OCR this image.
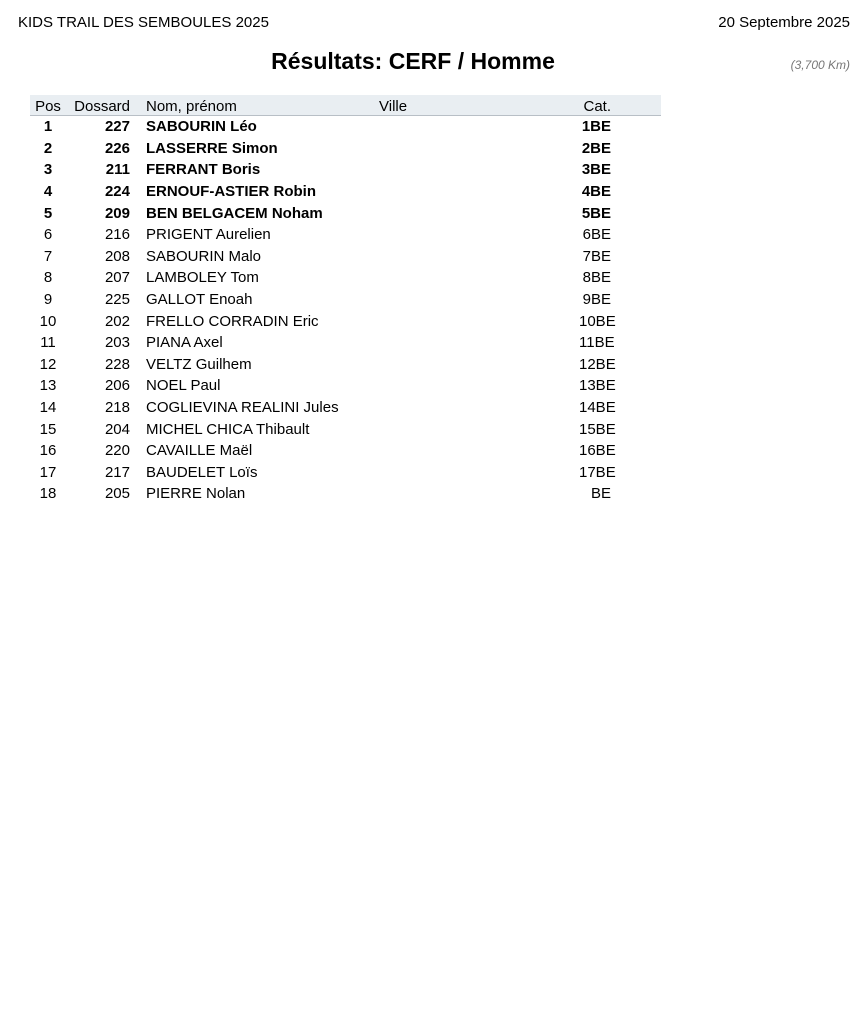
KIDS TRAIL DES SEMBOULES 2025	20 Septembre 2025
Résultats: CERF / Homme	(3,700 Km)
Pos	Dossard		Nom, prénom	Ville	Cat.	
1	227		SABOURIN Léo		1BE	
2	226		LASSERRE Simon		2BE	
3	211		FERRANT Boris		3BE	
4	224		ERNOUF-ASTIER Robin		4BE	
5	209		BEN BELGACEM Noham		5BE	
6	216		PRIGENT Aurelien		6BE	
7	208		SABOURIN Malo		7BE	
8	207		LAMBOLEY Tom		8BE	
9	225		GALLOT Enoah		9BE	
10	202		FRELLO CORRADIN Eric		10BE	
11	203		PIANA Axel		11BE	
12	228		VELTZ Guilhem		12BE	
13	206		NOEL Paul		13BE	
14	218		COGLIEVINA REALINI Jules		14BE	
15	204		MICHEL CHICA Thibault		15BE	
16	220		CAVAILLE Maël		16BE	
17	217		BAUDELET Loïs		17BE	
18	205		PIERRE Nolan		BE	
